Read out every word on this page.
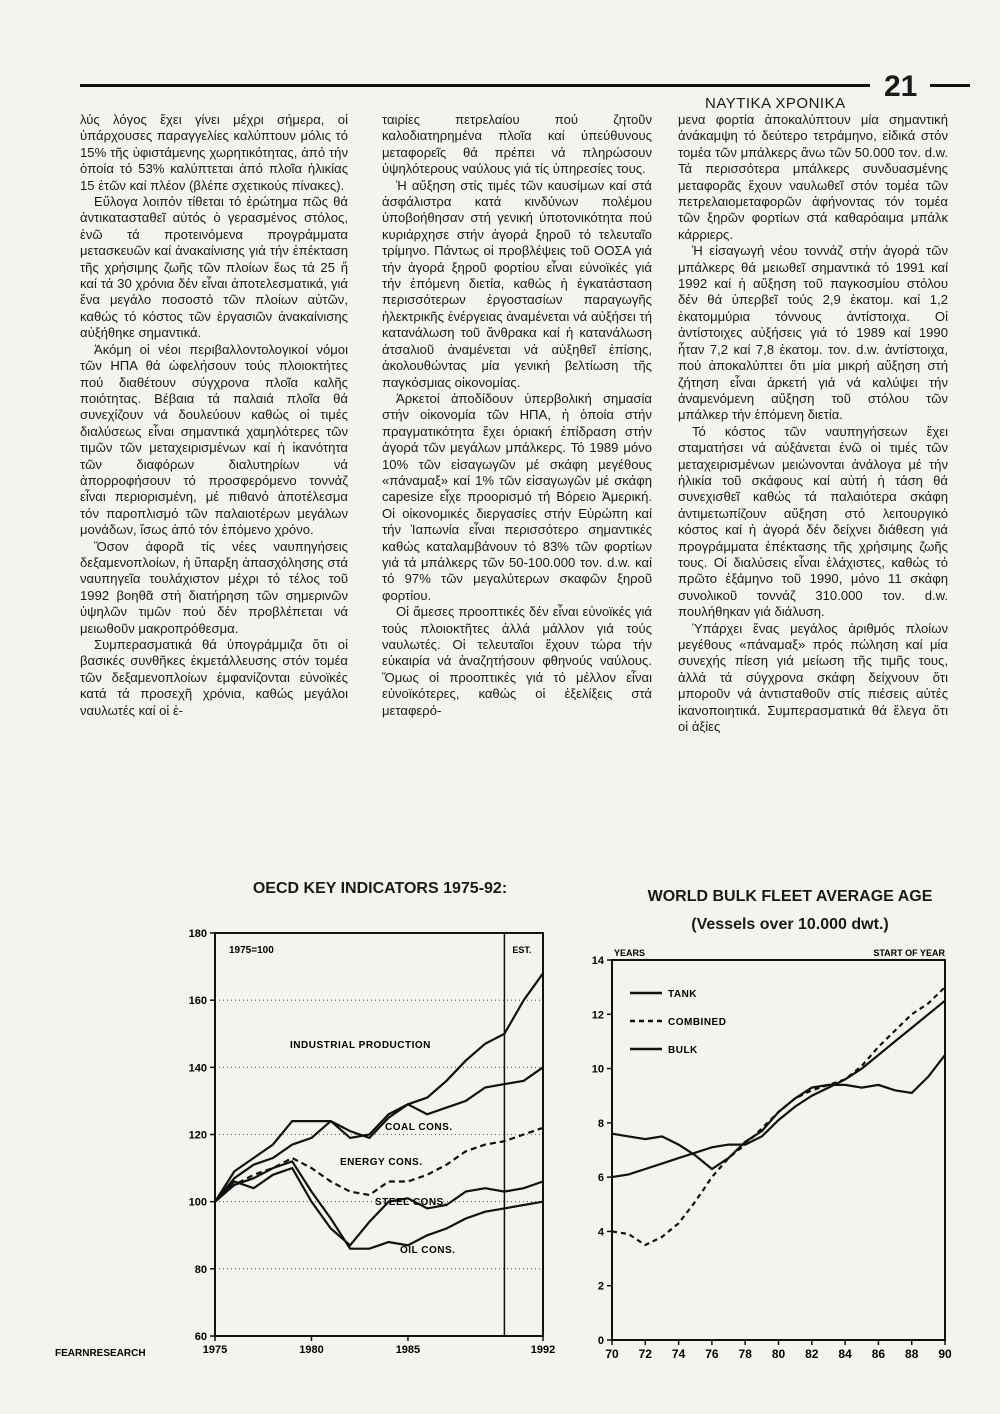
ΝΑΥΤΙΚΑ ΧΡΟΝΙΚΑ
21

λύς λόγος ἔχει γίνει μέχρι σήμερα, οἱ ὑπάρχουσες παραγγελίες καλύπτουν μόλις τό 15% τῆς ὑφιστάμενης χωρητικότητας, ἀπό τήν ὁποία τό 53% καλύπτεται ἀπό πλοῖα ἡλικίας 15 ἐτῶν καί πλέον (βλέπε σχετικούς πίνακες).

Εὔλογα λοιπόν τίθεται τό ἐρώτημα πῶς θά ἀντικατασταθεῖ αὐτός ὁ γερασμένος στόλος, ἐνῶ τά προτεινόμενα προγράμματα μετασκευῶν καί ἀνακαίνισης γιά τήν ἐπέκταση τῆς χρήσιμης ζωῆς τῶν πλοίων ἕως τά 25 ἤ καί τά 30 χρόνια δέν εἶναι ἀποτελεσματικά, γιά ἕνα μεγάλο ποσοστό τῶν πλοίων αὐτῶν, καθώς τό κόστος τῶν ἐργασιῶν ἀνακαίνισης αὐξήθηκε σημαντικά.

Ἀκόμη οἱ νέοι περιβαλλοντολογικοί νόμοι τῶν ΗΠΑ θά ὠφελήσουν τούς πλοιοκτήτες πού διαθέτουν σύγχρονα πλοῖα καλῆς ποιότητας. Βέβαια τά παλαιά πλοῖα θά συνεχίζουν νά δουλεύουν καθώς οἱ τιμές διαλύσεως εἶναι σημαντικά χαμηλότερες τῶν τιμῶν τῶν μεταχειρισμένων καί ἡ ἱκανότητα τῶν διαφόρων διαλυτηρίων νά ἀπορροφήσουν τό προσφερόμενο τοννάζ εἶναι περιορισμένη, μέ πιθανό ἀποτέλεσμα τόν παροπλισμό τῶν παλαιοτέρων μεγάλων μονάδων, ἴσως ἀπό τόν ἑπόμενο χρόνο.

Ὅσον ἀφορᾶ τίς νέες ναυπηγήσεις δεξαμενοπλοίων, ἡ ὕπαρξη ἀπασχόλησης στά ναυπηγεῖα τουλάχιστον μέχρι τό τέλος τοῦ 1992 βοηθᾶ στή διατήρηση τῶν σημερινῶν ὑψηλῶν τιμῶν πού δέν προβλέπεται νά μειωθοῦν μακροπρόθεσμα.

Συμπερασματικά θά ὑπογράμμιζα ὅτι οἱ βασικές συνθῆκες ἐκμετάλλευσης στόν τομέα τῶν δεξαμενοπλοίων ἐμφανίζονται εὐνοϊκές κατά τά προσεχῆ χρόνια, καθώς μεγάλοι ναυλωτές καί οἱ ἑ-

ταιρίες πετρελαίου πού ζητοῦν καλοδιατηρημένα πλοῖα καί ὑπεύθυνους μεταφορεῖς θά πρέπει νά πληρώσουν ὑψηλότερους ναύλους γιά τίς ὑπηρεσίες τους.

Ἡ αὔξηση στίς τιμές τῶν καυσίμων καί στά ἀσφάλιστρα κατά κινδύνων πολέμου ὑποβοήθησαν στή γενική ὑποτονικότητα πού κυριάρχησε στήν ἀγορά ξηροῦ τό τελευταῖο τρίμηνο. Πάντως οἱ προβλέψεις τοῦ ΟΟΣΑ γιά τήν ἀγορά ξηροῦ φορτίου εἶναι εὐνοϊκές γιά τήν ἑπόμενη διετία, καθώς ἡ ἐγκατάσταση περισσότερων ἐργοστασίων παραγωγῆς ἠλεκτρικῆς ἐνέργειας ἀναμένεται νά αὐξήσει τή κατανάλωση τοῦ ἄνθρακα καί ἡ κατανάλωση ἀτσαλιοῦ ἀναμένεται νά αὐξηθεῖ ἐπίσης, ἀκολουθώντας μία γενική βελτίωση τῆς παγκόσμιας οἰκονομίας.

Ἀρκετοί ἀποδίδουν ὑπερβολική σημασία στήν οἰκονομία τῶν ΗΠΑ, ἡ ὁποία στήν πραγματικότητα ἔχει ὁριακή ἐπίδραση στήν ἀγορά τῶν μεγάλων μπάλκερς. Τό 1989 μόνο 10% τῶν εἰσαγωγῶν μέ σκάφη μεγέθους «πάναμαξ» καί 1% τῶν εἰσαγωγῶν μέ σκάφη capesize εἶχε προορισμό τή Βόρειο Ἀμερική. Οἱ οἰκονομικές διεργασίες στήν Εὐρώπη καί τήν Ἰαπωνία εἶναι περισσότερο σημαντικές καθώς καταλαμβάνουν τό 83% τῶν φορτίων γιά τά μπάλκερς τῶν 50-100.000 τον. d.w. καί τό 97% τῶν μεγαλύτερων σκαφῶν ξηροῦ φορτίου.

Οἱ ἄμεσες προοπτικές δέν εἶναι εὐνοϊκές γιά τούς πλοιοκτῆτες ἀλλά μάλλον γιά τούς ναυλωτές. Οἱ τελευταῖοι ἔχουν τώρα τήν εὐκαιρία νά ἀναζητήσουν φθηνούς ναύλους. Ὅμως οἱ προοπτικές γιά τό μέλλον εἶναι εὐνοϊκότερες, καθώς οἱ ἐξελίξεις στά μεταφερό-

μενα φορτία ἀποκαλύπτουν μία σημαντική ἀνάκαμψη τό δεύτερο τετράμηνο, εἰδικά στόν τομέα τῶν μπάλκερς ἄνω τῶν 50.000 τον. d.w. Τά περισσότερα μπάλκερς συνδυασμένης μεταφορᾶς ἔχουν ναυλωθεῖ στόν τομέα τῶν πετρελαιομεταφορῶν ἀφήνοντας τόν τομέα τῶν ξηρῶν φορτίων στά καθαρόαιμα μπάλκ κάρριερς.

Ἡ εἰσαγωγή νέου τοννάζ στήν ἀγορά τῶν μπάλκερς θά μειωθεῖ σημαντικά τό 1991 καί 1992 καί ἡ αὔξηση τοῦ παγκοσμίου στόλου δέν θά ὑπερβεῖ τούς 2,9 ἑκατομ. καί 1,2 ἑκατομμύρια τόννους ἀντίστοιχα. Οἱ ἀντίστοιχες αὐξήσεις γιά τό 1989 καί 1990 ἦταν 7,2 καί 7,8 ἑκατομ. τον. d.w. ἀντίστοιχα, πού ἀποκαλύπτει ὅτι μία μικρή αὔξηση στή ζήτηση εἶναι ἀρκετή γιά νά καλύψει τήν ἀναμενόμενη αὔξηση τοῦ στόλου τῶν μπάλκερ τήν ἑπόμενη διετία.

Τό κόστος τῶν ναυπηγήσεων ἔχει σταματήσει νά αὐξάνεται ἐνῶ οἱ τιμές τῶν μεταχειρισμένων μειώνονται ἀνάλογα μέ τήν ἡλικία τοῦ σκάφους καί αὐτή ἡ τάση θά συνεχισθεῖ καθώς τά παλαιότερα σκάφη ἀντιμετωπίζουν αὔξηση στό λειτουργικό κόστος καί ἡ ἀγορά δέν δείχνει διάθεση γιά προγράμματα ἐπέκτασης τῆς χρήσιμης ζωῆς τους. Οἱ διαλύσεις εἶναι ἐλάχιστες, καθώς τό πρῶτο ἑξάμηνο τοῦ 1990, μόνο 11 σκάφη συνολικοῦ τοννάζ 310.000 τον. d.w. πουλήθηκαν γιά διάλυση.

Ὑπάρχει ἕνας μεγάλος ἀριθμός πλοίων μεγέθους «πάναμαξ» πρός πώληση καί μία συνεχής πίεση γιά μείωση τῆς τιμῆς τους, ἀλλά τά σύγχρονα σκάφη δείχνουν ὅτι μποροῦν νά ἀντισταθοῦν στίς πιέσεις αὐτές ἱκανοποιητικά. Συμπερασματικά θά ἔλεγα ὅτι οἱ ἀξίες

OECD KEY INDICATORS 1975-92:	WORLD BULK FLEET AVERAGE AGE
(Vessels over 10.000 dwt.)
60
80
100
120
140
160
180
1975	1980	1985	1992
EST.
1975=100
FEARNRESEARCH
INDUSTRIAL PRODUCTION
COAL CONS.
ENERGY CONS.
STEEL CONS.
OIL CONS.
0
2
4
6
8
10
12
14
70 72 74 76 78 80 82 84 86 88 90
YEARS	START OF YEAR
TANK
COMBINED
BULK
